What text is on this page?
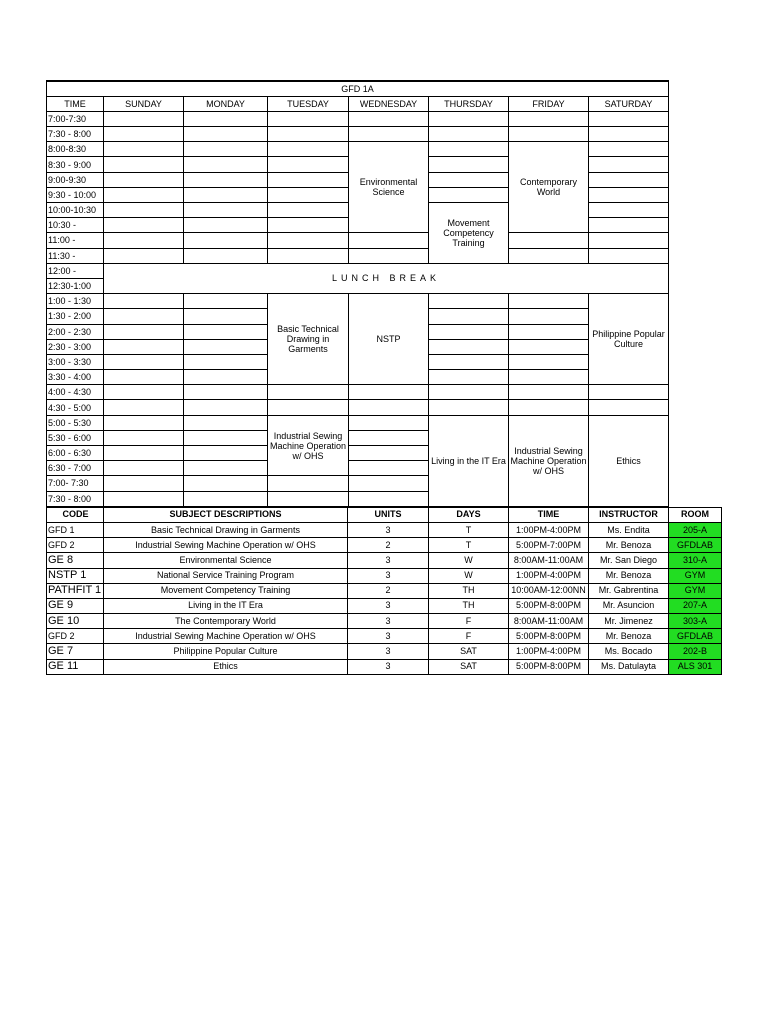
GFD 1A							
TIME	SUNDAY	MONDAY	TUESDAY	WEDNESDAY	THURSDAY	FRIDAY	SATURDAY
7:00-7:30							
7:30 - 8:00							
8:00-8:30				Environmental Science		Contemporary World	
8:30 - 9:00							
9:00-9:30							
9:30 - 10:00							
10:00-10:30					Movement Competency Training		
10:30 -							
11:00 -							
11:30 -							
12:00 -	LUNCH BREAK						
12:30-1:00							
1:00 - 1:30			Basic Technical Drawing in Garments	NSTP			Philippine Popular Culture
1:30 - 2:00							
2:00 - 2:30							
2:30 - 3:00							
3:00 - 3:30							
3:30 - 4:00							
4:00 - 4:30							
4:30 - 5:00							
5:00 - 5:30			Industrial Sewing Machine Operation w/ OHS		Living in the IT Era	Industrial Sewing Machine Operation w/ OHS	Ethics
5:30 - 6:00							
6:00 - 6:30							
6:30 - 7:00							
7:00- 7:30							
7:30 - 8:00							
CODE	SUBJECT DESCRIPTIONS	UNITS	DAYS	TIME	INSTRUCTOR	ROOM
GFD 1	Basic Technical Drawing in Garments	3	T	1:00PM-4:00PM	Ms. Endita	205-A
GFD 2	Industrial Sewing Machine Operation w/ OHS	2	T	5:00PM-7:00PM	Mr. Benoza	GFDLAB
GE 8	Environmental Science	3	W	8:00AM-11:00AM	Mr. San Diego	310-A
NSTP 1	National Service Training Program	3	W	1:00PM-4:00PM	Mr. Benoza	GYM
PATHFIT 1	Movement Competency Training	2	TH	10:00AM-12:00NN	Mr. Gabrentina	GYM
GE 9	Living in the IT Era	3	TH	5:00PM-8:00PM	Mr. Asuncion	207-A
GE 10	The Contemporary World	3	F	8:00AM-11:00AM	Mr. Jimenez	303-A
GFD 2	Industrial Sewing Machine Operation w/ OHS	3	F	5:00PM-8:00PM	Mr. Benoza	GFDLAB
GE 7	Philippine Popular Culture	3	SAT	1:00PM-4:00PM	Ms. Bocado	202-B
GE 11	Ethics	3	SAT	5:00PM-8:00PM	Ms. Datulayta	ALS 301
